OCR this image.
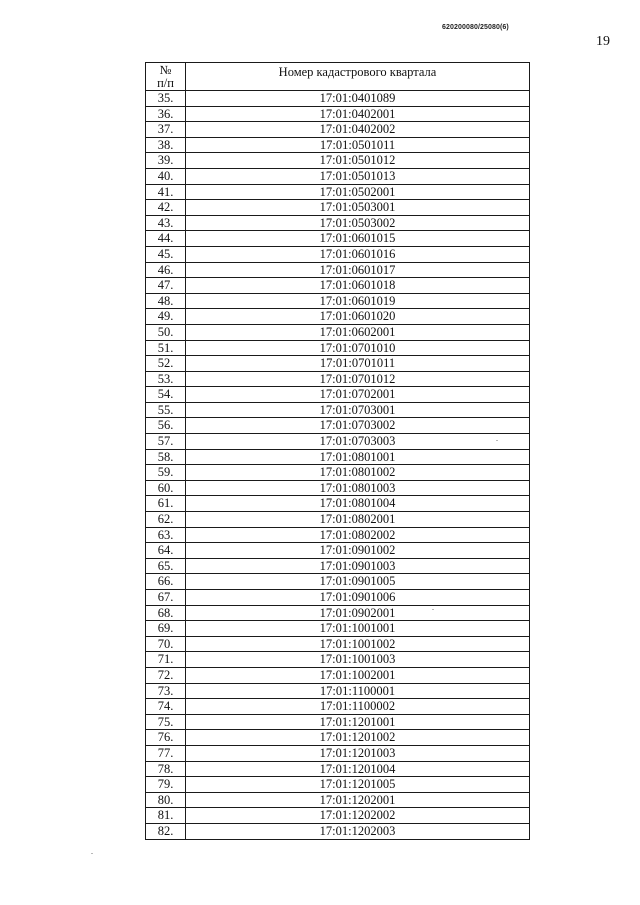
620200080/25080(6)
19
№
п/п	Номер кадастрового квартала
35.	17:01:0401089
36.	17:01:0402001
37.	17:01:0402002
38.	17:01:0501011
39.	17:01:0501012
40.	17:01:0501013
41.	17:01:0502001
42.	17:01:0503001
43.	17:01:0503002
44.	17:01:0601015
45.	17:01:0601016
46.	17:01:0601017
47.	17:01:0601018
48.	17:01:0601019
49.	17:01:0601020
50.	17:01:0602001
51.	17:01:0701010
52.	17:01:0701011
53.	17:01:0701012
54.	17:01:0702001
55.	17:01:0703001
56.	17:01:0703002
57.	17:01:0703003
58.	17:01:0801001
59.	17:01:0801002
60.	17:01:0801003
61.	17:01:0801004
62.	17:01:0802001
63.	17:01:0802002
64.	17:01:0901002
65.	17:01:0901003
66.	17:01:0901005
67.	17:01:0901006
68.	17:01:0902001
69.	17:01:1001001
70.	17:01:1001002
71.	17:01:1001003
72.	17:01:1002001
73.	17:01:1100001
74.	17:01:1100002
75.	17:01:1201001
76.	17:01:1201002
77.	17:01:1201003
78.	17:01:1201004
79.	17:01:1201005
80.	17:01:1202001
81.	17:01:1202002
82.	17:01:1202003
